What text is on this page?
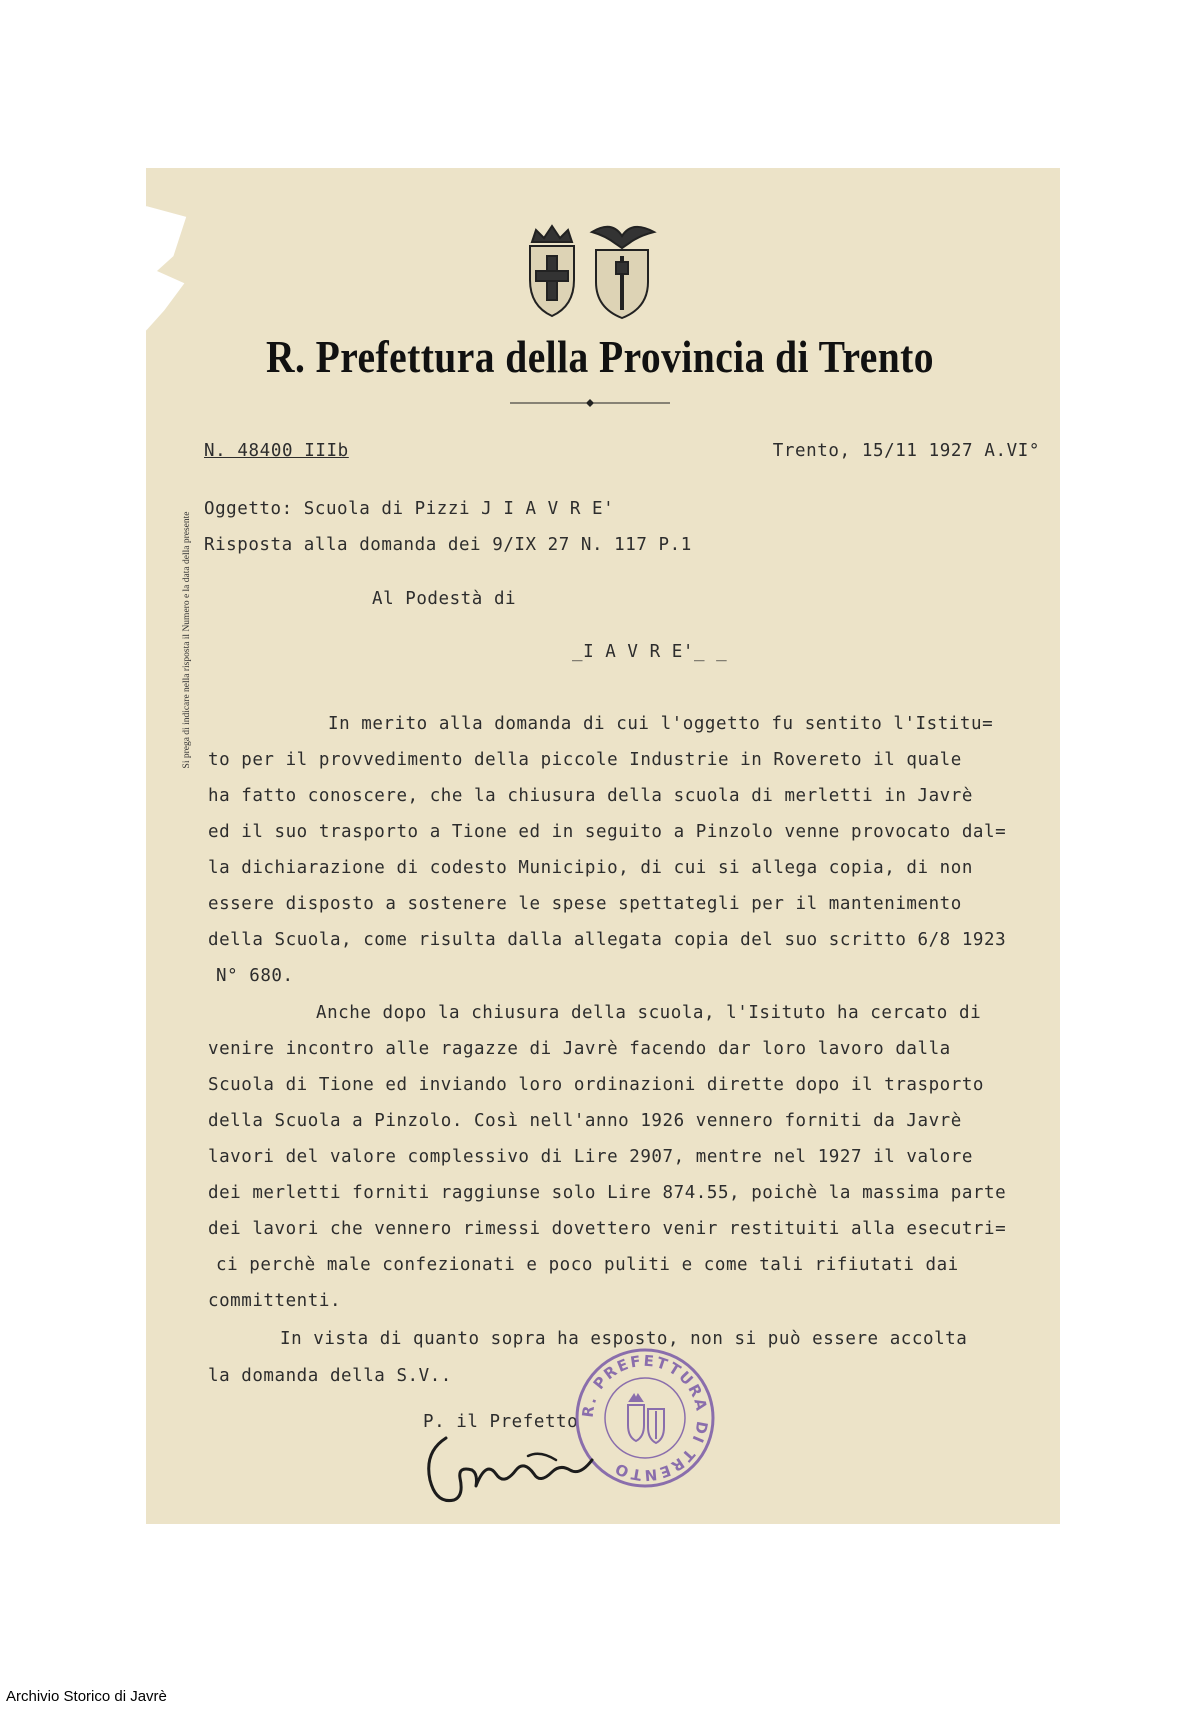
R. Prefettura della Provincia di Trento
N. 48400 IIIb	Trento, 15/11 1927 A.VI°
Si prega di indicare nella risposta il Numero e la data della presente
Oggetto: Scuola di Pizzi J I A V R E'
Risposta alla domanda dei 9/IX 27 N. 117 P.1
Al Podestà di
_I A V R E'_ _
In merito alla domanda di cui l'oggetto fu sentito l'Istitu=
to per il provvedimento della piccole Industrie in Rovereto il quale
ha fatto conoscere, che la chiusura della scuola di merletti in Javrè
ed il suo trasporto a Tione ed in seguito a Pinzolo venne provocato dal=
la dichiarazione di codesto Municipio, di cui si allega copia, di non
essere disposto a sostenere le spese spettategli per il mantenimento
della Scuola, come risulta dalla allegata copia del suo scritto 6/8 1923
N° 680.
Anche dopo la chiusura della scuola, l'Isituto ha cercato di
venire incontro alle ragazze di Javrè facendo dar loro lavoro dalla
Scuola di Tione ed inviando loro ordinazioni dirette dopo il trasporto
della Scuola a Pinzolo. Così nell'anno 1926 vennero forniti da Javrè
lavori del valore complessivo di Lire 2907, mentre nel 1927 il valore
dei merletti forniti raggiunse solo Lire 874.55, poichè la massima parte
dei lavori che vennero rimessi dovettero venir restituiti alla esecutri=
ci perchè male confezionati e poco puliti e come tali rifiutati dai
committenti.
In vista di quanto sopra ha esposto, non si può essere accolta
la domanda della S.V..
P. il Prefetto
R. PREFETTURA DI TRENTO
Archivio Storico di Javrè
